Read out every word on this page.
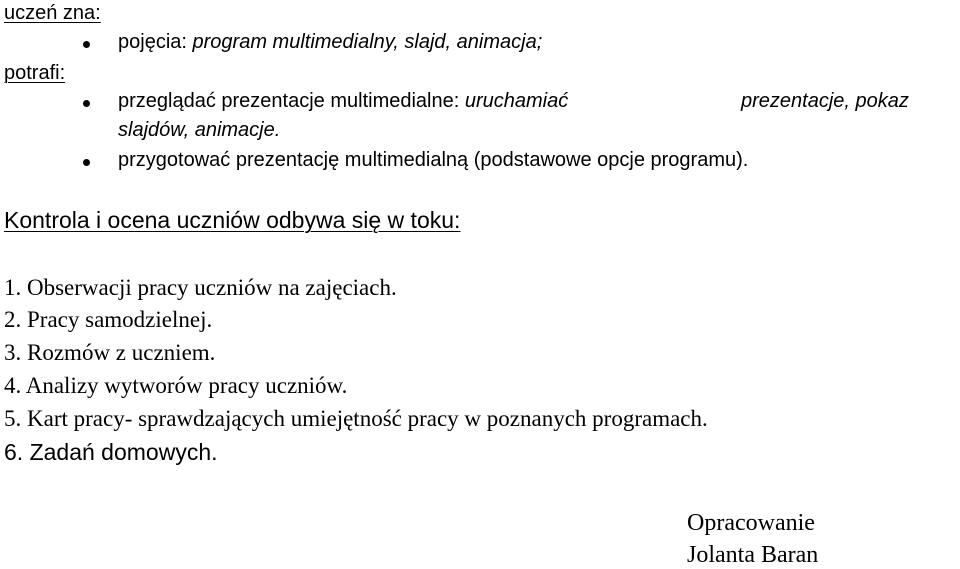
uczeń zna:
pojęcia: program multimedialny, slajd, animacja;
potrafi:
przeglądać prezentacje multimedialne: uruchamiać	prezentacje, pokaz
slajdów, animacje.
przygotować prezentację multimedialną (podstawowe opcje programu).
Kontrola i ocena uczniów odbywa się w toku:
1. Obserwacji pracy uczniów na zajęciach.
2. Pracy samodzielnej.
3. Rozmów z uczniem.
4. Analizy wytworów pracy uczniów.
5. Kart pracy- sprawdzających umiejętność pracy w poznanych programach.
6. Zadań domowych.
Opracowanie
Jolanta Baran
